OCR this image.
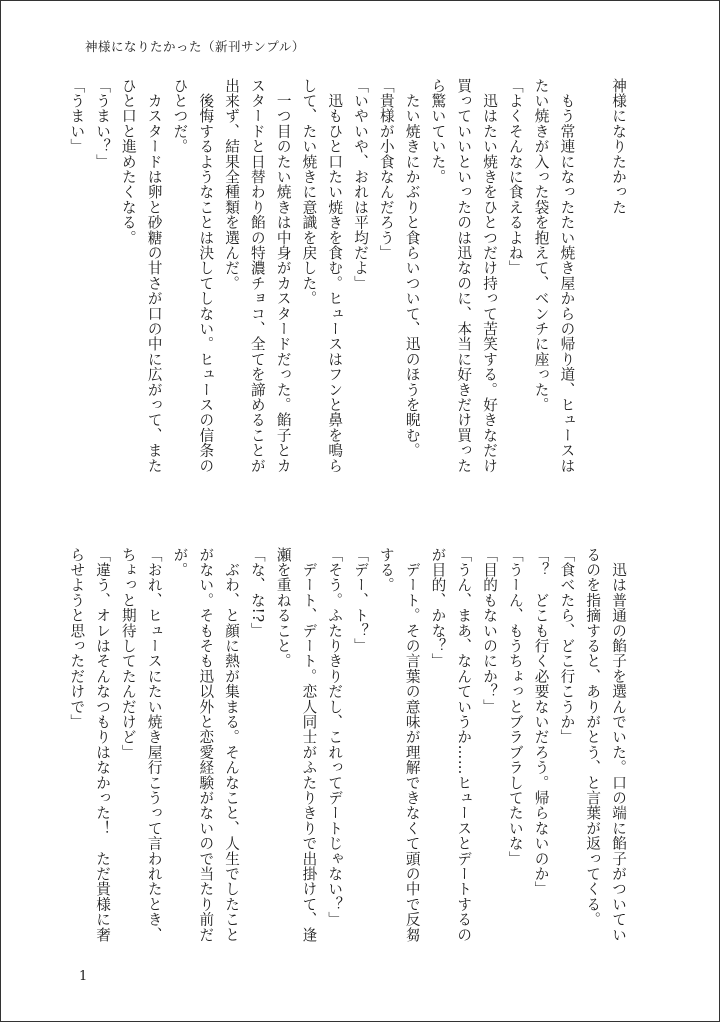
神様になりたかった（新刊サンプル）
神様になりたかった

　もう常連になったたい焼き屋からの帰り道、ヒュースは
たい焼きが入った袋を抱えて、ベンチに座った。
「よくそんなに食えるよね」
　迅はたい焼きをひとつだけ持って苦笑する。好きなだけ
買っていいといったのは迅なのに、本当に好きだけ買った
ら驚いていた。
　たい焼きにかぶりと食らいついて、迅のほうを睨む。
「貴様が小食なんだろう」
「いやいや、おれは平均だよ」
　迅もひと口たい焼きを食む。ヒュースはフンと鼻を鳴ら
して、たい焼きに意識を戻した。
　一つ目のたい焼きは中身がカスタードだった。餡子とカ
スタードと日替わり餡の特濃チョコ、全てを諦めることが
出来ず、結果全種類を選んだ。
　後悔するようなことは決してしない。ヒュースの信条の
ひとつだ。
　カスタードは卵と砂糖の甘さが口の中に広がって、また
ひと口と進めたくなる。
「うまい？」
「うまい」
　迅は普通の餡子を選んでいた。口の端に餡子がついてい
るのを指摘すると、ありがとう、と言葉が返ってくる。
「食べたら、どこ行こうか」
「？　どこも行く必要ないだろう。帰らないのか」
「うーん、もうちょっとブラブラしてたいな」
「目的もないのにか？」
「うん、まあ、なんていうか……ヒュースとデートするの
が目的、かな？」
　デート。その言葉の意味が理解できなくて頭の中で反芻
する。
「デー、ト？」
「そう。ふたりきりだし、これってデートじゃない？」
　デート、デート。恋人同士がふたりきりで出掛けて、逢
瀬を重ねること。
「な、な!?」
　ぶわ、と顔に熱が集まる。そんなこと、人生でしたこと
がない。そもそも迅以外と恋愛経験がないので当たり前だ
が。
「おれ、ヒュースにたい焼き屋行こうって言われたとき、
ちょっと期待してたんだけど」
「違う、オレはそんなつもりはなかった！　ただ貴様に奢
らせようと思っただけで」
1
